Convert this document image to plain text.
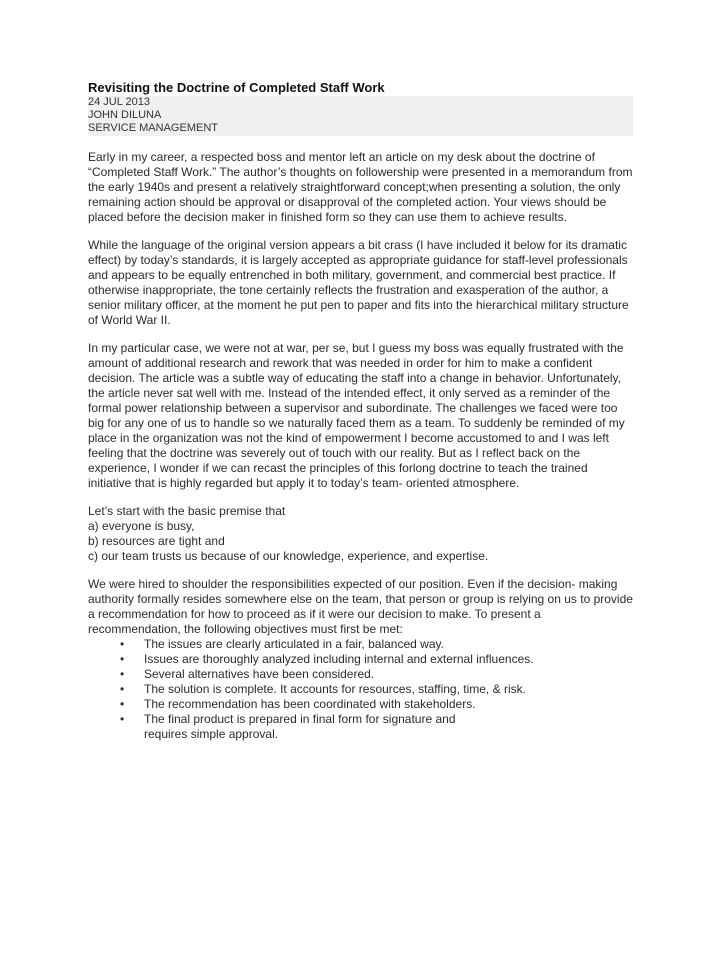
Revisiting the Doctrine of Completed Staff Work
24 JUL 2013
JOHN DILUNA
SERVICE MANAGEMENT

Early in my career, a respected boss and mentor left an article on my desk about the doctrine of “Completed Staff Work.” The author’s thoughts on followership were presented in a memorandum from the early 1940s and present a relatively straightforward concept;when presenting a solution, the only remaining action should be approval or disapproval of the completed action. Your views should be placed before the decision maker in finished form so they can use them to achieve results.

While the language of the original version appears a bit crass (I have included it below for its dramatic effect) by today’s standards, it is largely accepted as appropriate guidance for staff-level professionals and appears to be equally entrenched in both military, government, and commercial best practice. If otherwise inappropriate, the tone certainly reflects the frustration and exasperation of the author, a senior military officer, at the moment he put pen to paper and fits into the hierarchical military structure of World War II.

In my particular case, we were not at war, per se, but I guess my boss was equally frustrated with the amount of additional research and rework that was needed in order for him to make a confident decision. The article was a subtle way of educating the staff into a change in behavior. Unfortunately, the article never sat well with me. Instead of the intended effect, it only served as a reminder of the formal power relationship between a supervisor and subordinate. The challenges we faced were too big for any one of us to handle so we naturally faced them as a team. To suddenly be reminded of my place in the organization was not the kind of empowerment I become accustomed to and I was left feeling that the doctrine was severely out of touch with our reality. But as I reflect back on the experience, I wonder if we can recast the principles of this forlong doctrine to teach the trained initiative that is highly regarded but apply it to today’s team- oriented atmosphere.

Let’s start with the basic premise that
a) everyone is busy,
b) resources are tight and
c) our team trusts us because of our knowledge, experience, and expertise.

We were hired to shoulder the responsibilities expected of our position. Even if the decision- making authority formally resides somewhere else on the team, that person or group is relying on us to provide a recommendation for how to proceed as if it were our decision to make. To present a recommendation, the following objectives must first be met:

• The issues are clearly articulated in a fair, balanced way.
• Issues are thoroughly analyzed including internal and external influences.
• Several alternatives have been considered.
• The solution is complete. It accounts for resources, staffing, time, & risk.
• The recommendation has been coordinated with stakeholders.
• The final product is prepared in final form for signature and requires simple approval.
